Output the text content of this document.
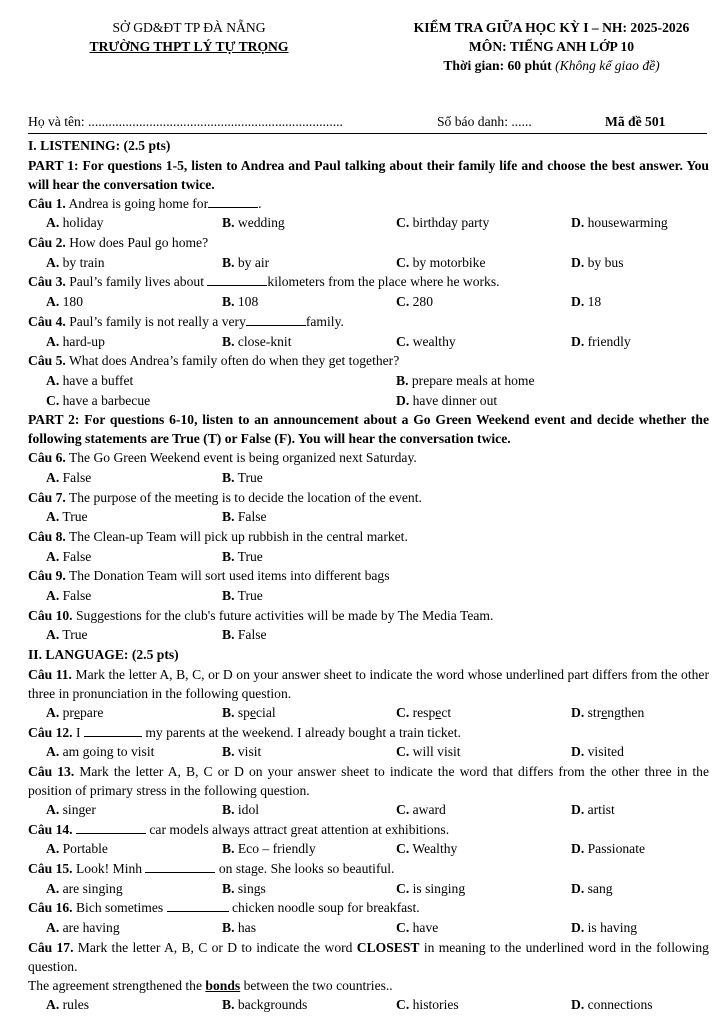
SỞ GD&ĐT TP ĐÀ NẴNG
TRƯỜNG THPT LÝ TỰ TRỌNG
KIỂM TRA GIỮA HỌC KỲ I – NH: 2025-2026
MÔN: TIẾNG ANH LỚP 10
Thời gian: 60 phút (Không kể giao đề)
Họ và tên: ...........................................................................	Số báo danh: ......	Mã đề 501
I. LISTENING: (2.5 pts)
PART 1: For questions 1-5, listen to Andrea and Paul talking about their family life and choose the best answer. You will hear the conversation twice.
Câu 1. Andrea is going home for	.
A. holiday	B. wedding	C. birthday party	D. housewarming
Câu 2. How does Paul go home?
A. by train	B. by air	C. by motorbike	D. by bus
Câu 3. Paul’s family lives about	kilometers from the place where he works.
A. 180	B. 108	C. 280	D. 18
Câu 4. Paul’s family is not really a very	family.
A. hard-up	B. close-knit	C. wealthy	D. friendly
Câu 5. What does Andrea’s family often do when they get together?
A. have a buffet	B. prepare meals at home
C. have a barbecue	D. have dinner out
PART 2: For questions 6-10, listen to an announcement about a Go Green Weekend event and decide whether the following statements are True (T) or False (F). You will hear the conversation twice.
Câu 6. The Go Green Weekend event is being organized next Saturday.
A. False	B. True
Câu 7. The purpose of the meeting is to decide the location of the event.
A. True	B. False
Câu 8. The Clean-up Team will pick up rubbish in the central market.
A. False	B. True
Câu 9. The Donation Team will sort used items into different bags
A. False	B. True
Câu 10. Suggestions for the club's future activities will be made by The Media Team.
A. True	B. False
II. LANGUAGE: (2.5 pts)
Câu 11. Mark the letter A, B, C, or D on your answer sheet to indicate the word whose underlined part differs from the other three in pronunciation in the following question.
A. prepare	B. special	C. respect	D. strengthen
Câu 12. I	my parents at the weekend. I already bought a train ticket.
A. am going to visit	B. visit	C. will visit	D. visited
Câu 13. Mark the letter A, B, C or D on your answer sheet to indicate the word that differs from the other three in the position of primary stress in the following question.
A. singer	B. idol	C. award	D. artist
Câu 14.	car models always attract great attention at exhibitions.
A. Portable	B. Eco – friendly	C. Wealthy	D. Passionate
Câu 15. Look! Minh	on stage. She looks so beautiful.
A. are singing	B. sings	C. is singing	D. sang
Câu 16. Bich sometimes	chicken noodle soup for breakfast.
A. are having	B. has	C. have	D. is having
Câu 17. Mark the letter A, B, C or D to indicate the word CLOSEST in meaning to the underlined word in the following question.
The agreement strengthened the bonds between the two countries..
A. rules	B. backgrounds	C. histories	D. connections
